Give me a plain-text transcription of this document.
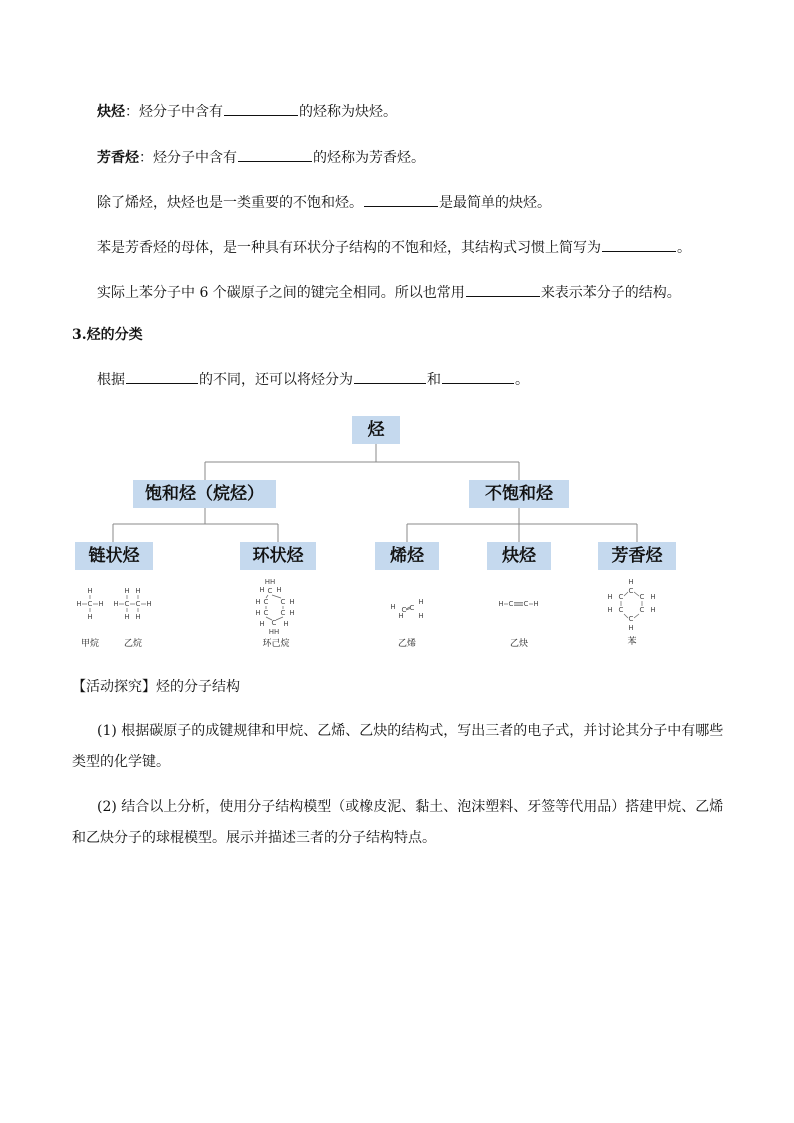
炔烃：烃分子中含有	的烃称为炔烃。
芳香烃：烃分子中含有	的烃称为芳香烃。
除了烯烃，炔烃也是一类重要的不饱和烃。	是最简单的炔烃。
苯是芳香烃的母体，是一种具有环状分子结构的不饱和烃，其结构式习惯上简写为	。
实际上苯分子中 6 个碳原子之间的键完全相同。所以也常用	来表示苯分子的结构。
3.烃的分类
根据	的不同，还可以将烃分为	和	。
烃
饱和烃（烷烃）	不饱和烃
链状烃	环状烃	烯烃	炔烃	芳香烃
H
C
H
H H
H H
H C C H
H H
HH
H C H
H C C H
H C C H
H C H
HH
H
H
C C
H
H
H C C H
H
C
H C C H
H C C H
C
H
甲烷	乙烷	环己烷	乙烯	乙炔	苯
【活动探究】烃的分子结构
(1) 根据碳原子的成键规律和甲烷、乙烯、乙炔的结构式，写出三者的电子式，并讨论其分子中有哪些
类型的化学键。
(2) 结合以上分析，使用分子结构模型（或橡皮泥、黏土、泡沫塑料、牙签等代用品）搭建甲烷、乙烯
和乙炔分子的球棍模型。展示并描述三者的分子结构特点。
